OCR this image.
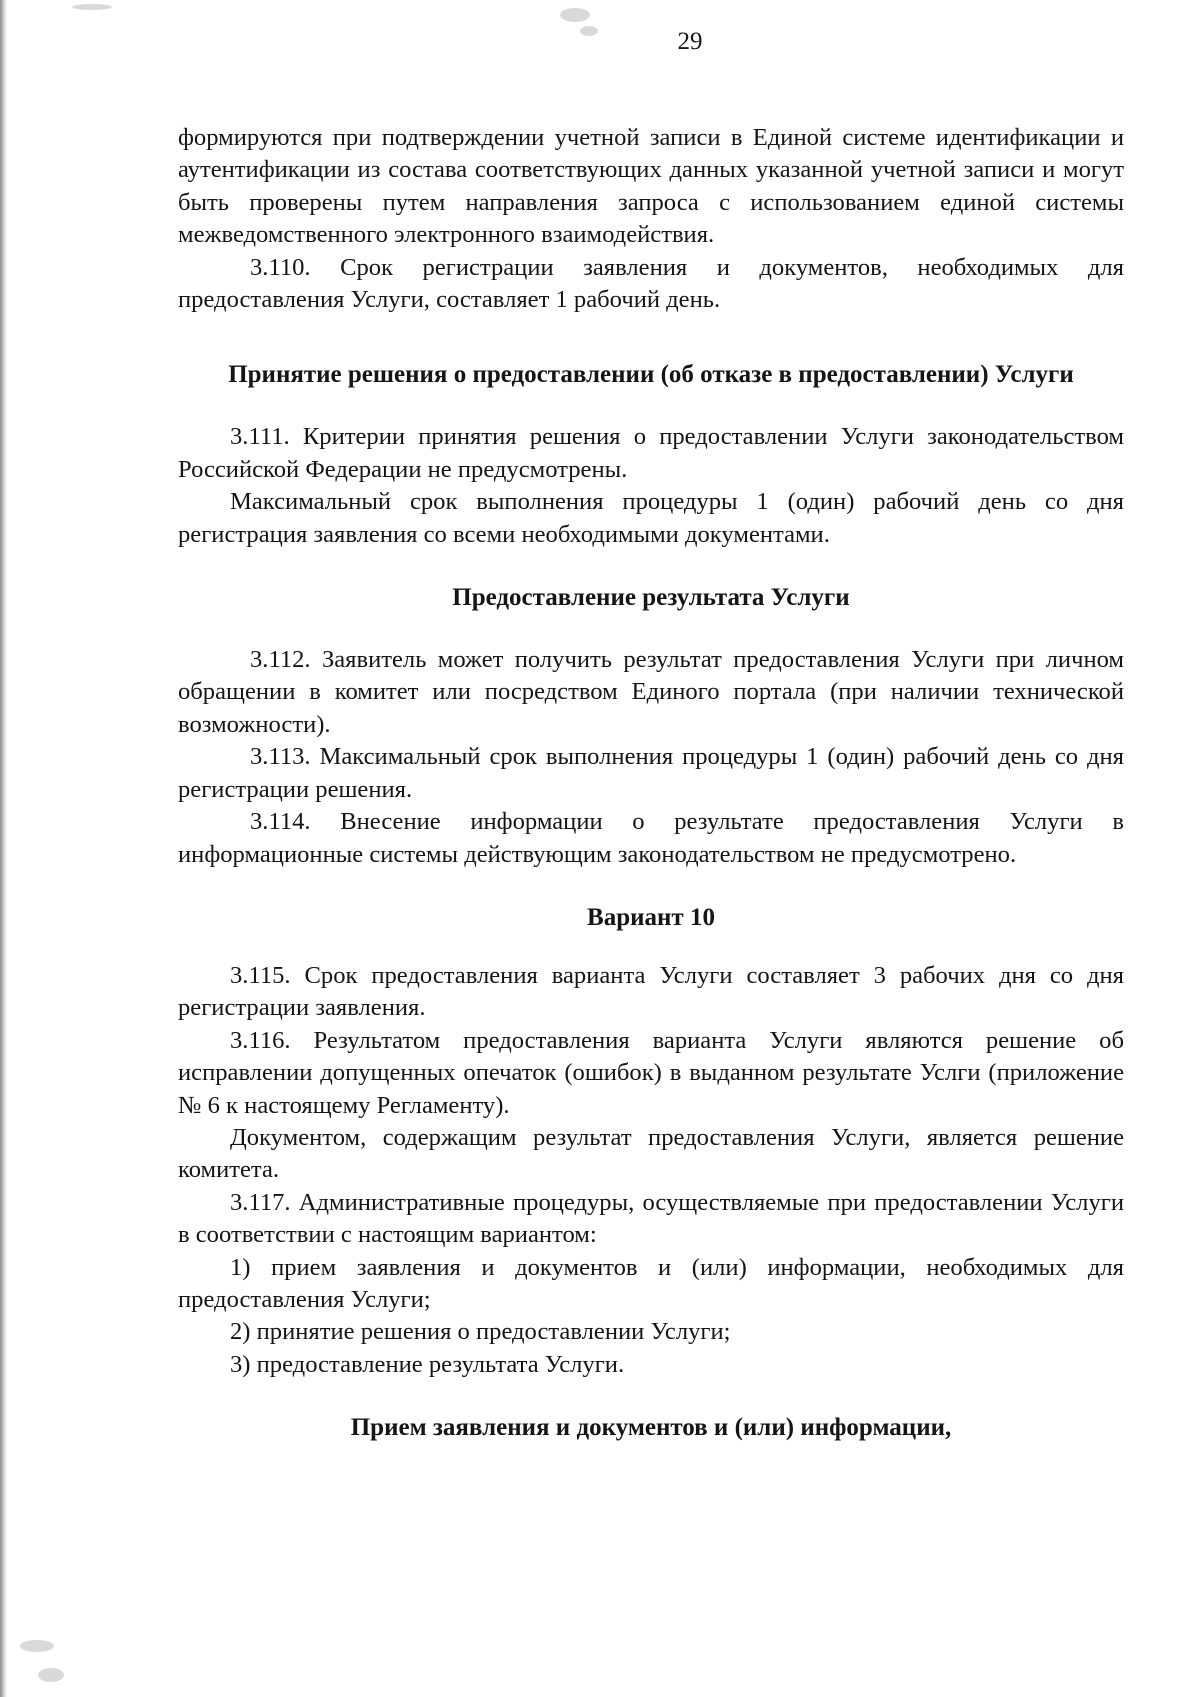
29

формируются при подтверждении учетной записи в Единой системе идентификации и аутентификации из состава соответствующих данных указанной учетной записи и могут быть проверены путем направления запроса с использованием единой системы межведомственного электронного взаимодействия.

3.110. Срок регистрации заявления и документов, необходимых для предоставления Услуги, составляет 1 рабочий день.

Принятие решения о предоставлении (об отказе в предоставлении) Услуги

3.111. Критерии принятия решения о предоставлении Услуги законодательством Российской Федерации не предусмотрены.

Максимальный срок выполнения процедуры 1 (один) рабочий день со дня регистрация заявления со всеми необходимыми документами.

Предоставление результата Услуги

3.112. Заявитель может получить результат предоставления Услуги при личном обращении в комитет или посредством Единого портала (при наличии технической возможности).

3.113. Максимальный срок выполнения процедуры 1 (один) рабочий день со дня регистрации решения.

3.114. Внесение информации о результате предоставления Услуги в информационные системы действующим законодательством не предусмотрено.

Вариант 10

3.115. Срок предоставления варианта Услуги составляет 3 рабочих дня со дня регистрации заявления.

3.116. Результатом предоставления варианта Услуги являются решение об исправлении допущенных опечаток (ошибок) в выданном результате Услги (приложение № 6 к настоящему Регламенту).

Документом, содержащим результат предоставления Услуги, является решение комитета.

3.117. Административные процедуры, осуществляемые при предоставлении Услуги в соответствии с настоящим вариантом:

1) прием заявления и документов и (или) информации, необходимых для предоставления Услуги;

2) принятие решения о предоставлении Услуги;

3) предоставление результата Услуги.

Прием заявления и документов и (или) информации,
